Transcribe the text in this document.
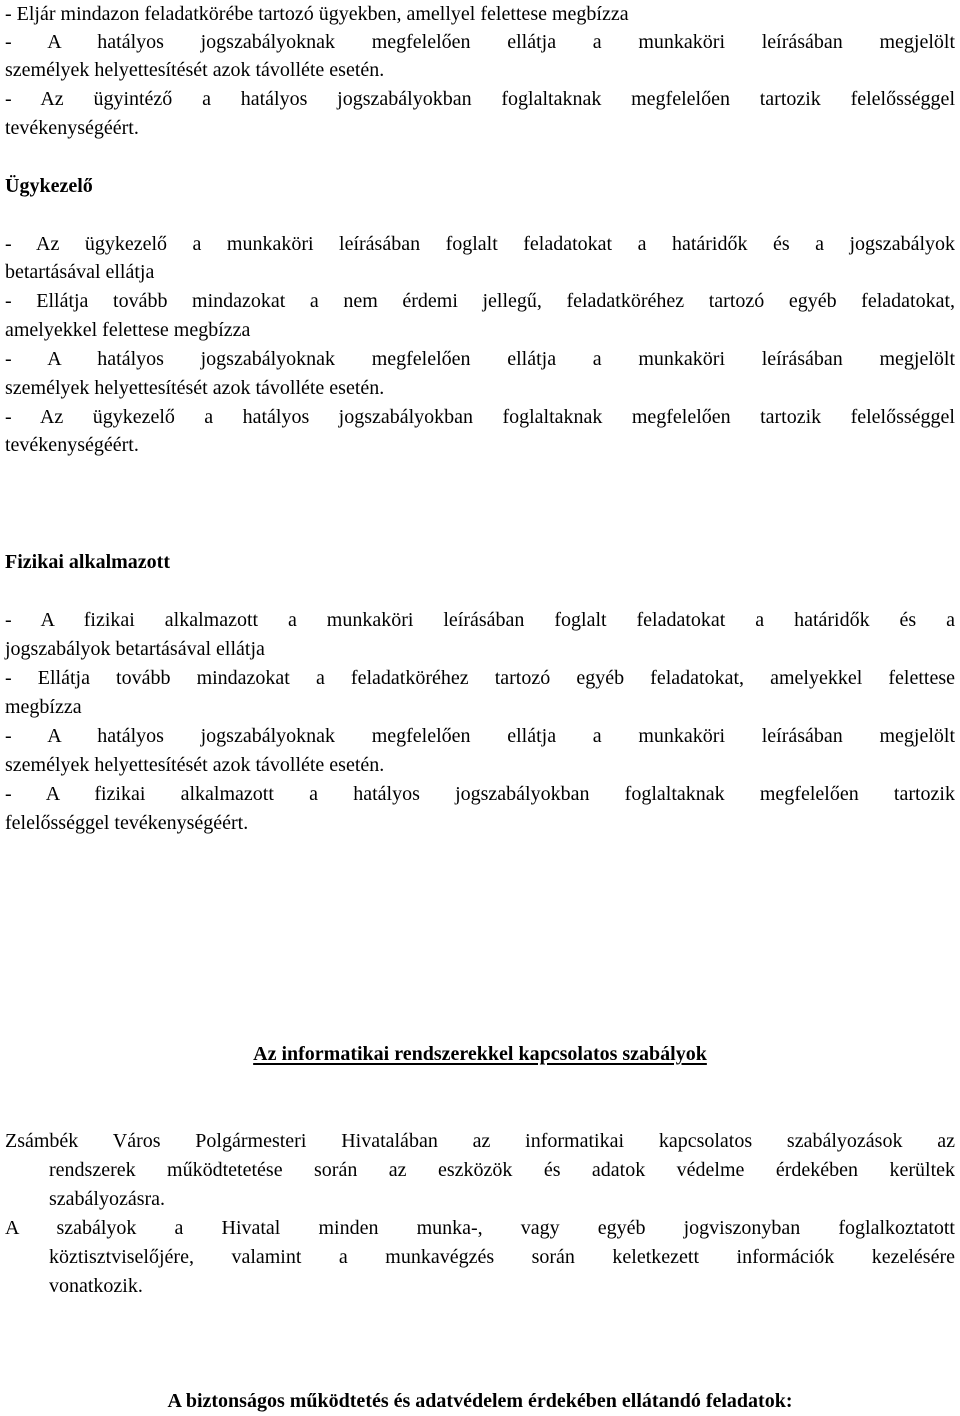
- Eljár mindazon feladatkörébe tartozó ügyekben, amellyel felettese megbízza
- A hatályos jogszabályoknak megfelelően ellátja a munkaköri leírásában megjelölt
személyek helyettesítését azok távolléte esetén.
- Az ügyintéző a hatályos jogszabályokban foglaltaknak megfelelően tartozik felelősséggel
tevékenységéért.
Ügykezelő
- Az ügykezelő a munkaköri leírásában foglalt feladatokat a határidők és a jogszabályok
betartásával ellátja
- Ellátja tovább mindazokat a nem érdemi jellegű, feladatköréhez tartozó egyéb feladatokat,
amelyekkel felettese megbízza
- A hatályos jogszabályoknak megfelelően ellátja a munkaköri leírásában megjelölt
személyek helyettesítését azok távolléte esetén.
- Az ügykezelő a hatályos jogszabályokban foglaltaknak megfelelően tartozik felelősséggel
tevékenységéért.
Fizikai alkalmazott
- A fizikai alkalmazott a munkaköri leírásában foglalt feladatokat a határidők és a
jogszabályok betartásával ellátja
- Ellátja tovább mindazokat a feladatköréhez tartozó egyéb feladatokat, amelyekkel felettese
megbízza
- A hatályos jogszabályoknak megfelelően ellátja a munkaköri leírásában megjelölt
személyek helyettesítését azok távolléte esetén.
- A fizikai alkalmazott a hatályos jogszabályokban foglaltaknak megfelelően tartozik
felelősséggel tevékenységéért.
Az informatikai rendszerekkel kapcsolatos szabályok
Zsámbék Város Polgármesteri Hivatalában az informatikai kapcsolatos szabályozások az
rendszerek működtetetése során az eszközök és adatok védelme érdekében kerültek
szabályozásra.
A szabályok a Hivatal minden munka-, vagy egyéb jogviszonyban foglalkoztatott
köztisztviselőjére, valamint a munkavégzés során keletkezett információk kezelésére
vonatkozik.
A biztonságos működtetés és adatvédelem érdekében ellátandó feladatok:
